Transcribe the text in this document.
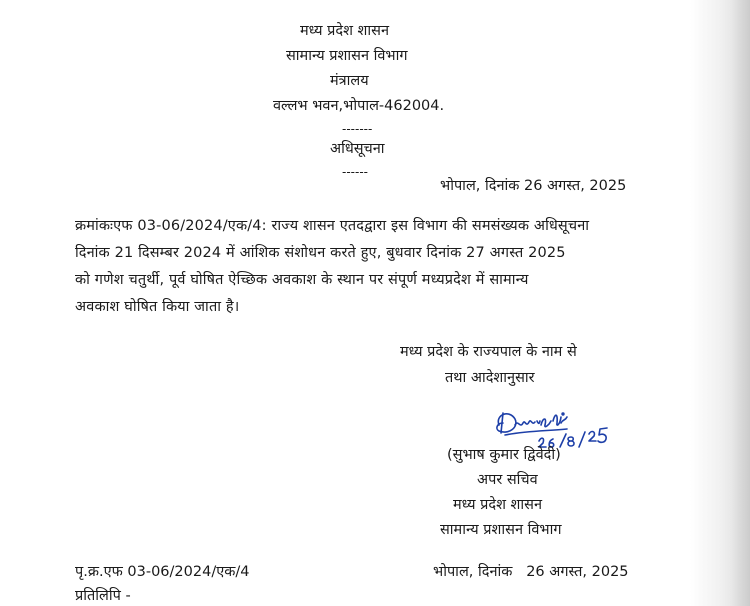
मध्य प्रदेश शासन
सामान्य प्रशासन विभाग
मंत्रालय
वल्लभ भवन,भोपाल-462004.
-------
अधिसूचना
------
भोपाल, दिनांक 26 अगस्त, 2025
क्रमांकःएफ 03-06/2024/एक/4: राज्य शासन एतदद्वारा इस विभाग की समसंख्यक अधिसूचना
दिनांक 21 दिसम्बर 2024 में आंशिक संशोधन करते हुए, बुधवार दिनांक 27 अगस्त 2025
को गणेश चतुर्थी, पूर्व घोषित ऐच्छिक अवकाश के स्थान पर संपूर्ण मध्यप्रदेश में सामान्य
अवकाश घोषित किया जाता है।
मध्य प्रदेश के राज्यपाल के नाम से
तथा आदेशानुसार
(सुभाष कुमार द्विवेदी)
अपर सचिव
मध्य प्रदेश शासन
सामान्य प्रशासन विभाग
पृ.क्र.एफ 03-06/2024/एक/4	भोपाल, दिनांक   26 अगस्त, 2025
प्रतिलिपि -
